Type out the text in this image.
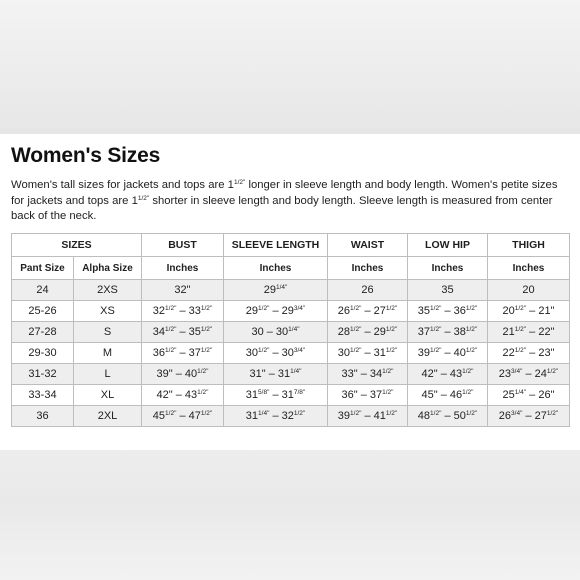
Women's Sizes
Women's tall sizes for jackets and tops are $1^{1/2"}$ longer in sleeve length and body length. Women's petite sizes for jackets and tops are $1^{1/2"}$ shorter in sleeve length and body length. Sleeve length is measured from center back of the neck.
SIZES		BUST	SLEEVE LENGTH	WAIST	LOW HIP	THIGH
Pant Size	Alpha Size	Inches	Inches	Inches	Inches	Inches
24	2XS	32"	$29^{1/4"}$	26	35	20
25-26	XS	$32^{1/2"} - 33^{1/2"}$	$29^{1/2"} - 29^{3/4"}$	$26^{1/2"} - 27^{1/2"}$	$35^{1/2"} - 36^{1/2"}$	$20^{1/2"} - 21$"
27-28	S	$34^{1/2"} - 35^{1/2"}$	$30 - 30^{1/4"}$	$28^{1/2"} - 29^{1/2"}$	$37^{1/2"} - 38^{1/2"}$	$21^{1/2"} - 22$"
29-30	M	$36^{1/2"} - 37^{1/2"}$	$30^{1/2"} - 30^{3/4"}$	$30^{1/2"} - 31^{1/2"}$	$39^{1/2"} - 40^{1/2"}$	$22^{1/2"} - 23$"
31-32	L	39" – $40^{1/2"}$	31" – $31^{1/4"}$	33" – $34^{1/2"}$	42" – $43^{1/2"}$	$23^{3/4"} - 24^{1/2"}$
33-34	XL	42" – $43^{1/2"}$	$31^{5/8"} - 31^{7/8"}$	36" – $37^{1/2"}$	45" – $46^{1/2"}$	$25^{1/4"} - 26$"
36	2XL	$45^{1/2"} - 47^{1/2"}$	$31^{1/4"} - 32^{1/2"}$	$39^{1/2"} - 41^{1/2"}$	$48^{1/2"} - 50^{1/2"}$	$26^{3/4"} - 27^{1/2"}$
